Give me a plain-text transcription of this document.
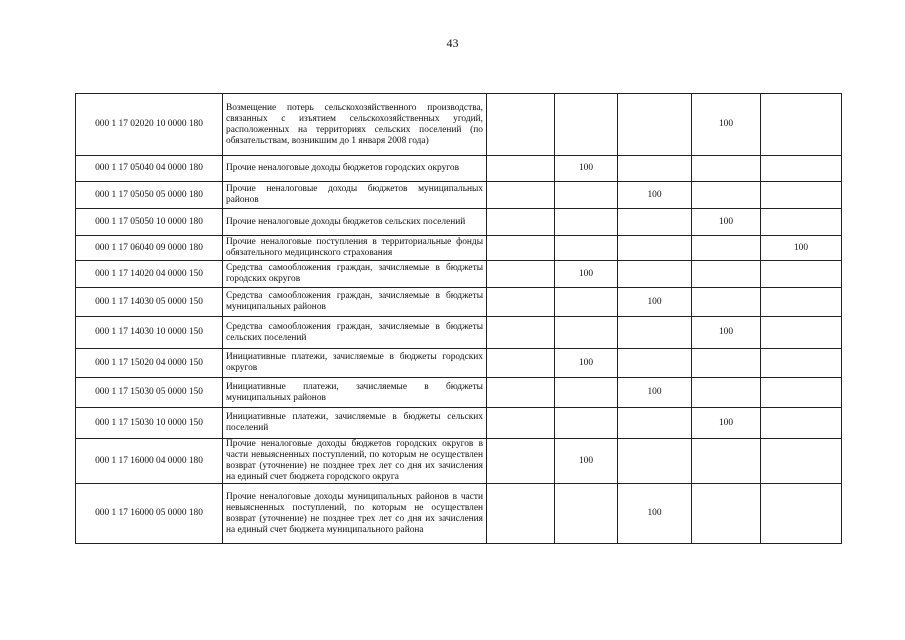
43
000 1 17 02020 10 0000 180	Возмещение потерь сельскохозяйственного производства, связанных с изъятием сельскохозяйственных угодий, расположенных на территориях сельских поселений (по обязательствам, возникшим до 1 января 2008 года)				100	
000 1 17 05040 04 0000 180	Прочие неналоговые доходы бюджетов городских округов		100			
000 1 17 05050 05 0000 180	Прочие неналоговые доходы бюджетов муниципальных районов			100		
000 1 17 05050 10 0000 180	Прочие неналоговые доходы бюджетов сельских поселений				100	
000 1 17 06040 09 0000 180	Прочие неналоговые поступления в территориальные фонды обязательного медицинского страхования					100
000 1 17 14020 04 0000 150	Средства самообложения граждан, зачисляемые в бюджеты городских округов		100			
000 1 17 14030 05 0000 150	Средства самообложения граждан, зачисляемые в бюджеты муниципальных районов			100		
000 1 17 14030 10 0000 150	Средства самообложения граждан, зачисляемые в бюджеты сельских поселений				100	
000 1 17 15020 04 0000 150	Инициативные платежи, зачисляемые в бюджеты городских округов		100			
000 1 17 15030 05 0000 150	Инициативные платежи, зачисляемые в бюджеты муниципальных районов			100		
000 1 17 15030 10 0000 150	Инициативные платежи, зачисляемые в бюджеты сельских поселений				100	
000 1 17 16000 04 0000 180	Прочие неналоговые доходы бюджетов городских округов в части невыясненных поступлений, по которым не осуществлен возврат (уточнение) не позднее трех лет со дня их зачисления на единый счет бюджета городского округа		100			
000 1 17 16000 05 0000 180	Прочие неналоговые доходы муниципальных районов в части невыясненных поступлений, по которым не осуществлен возврат (уточнение) не позднее трех лет со дня их зачисления на единый счет бюджета муниципального района			100		
